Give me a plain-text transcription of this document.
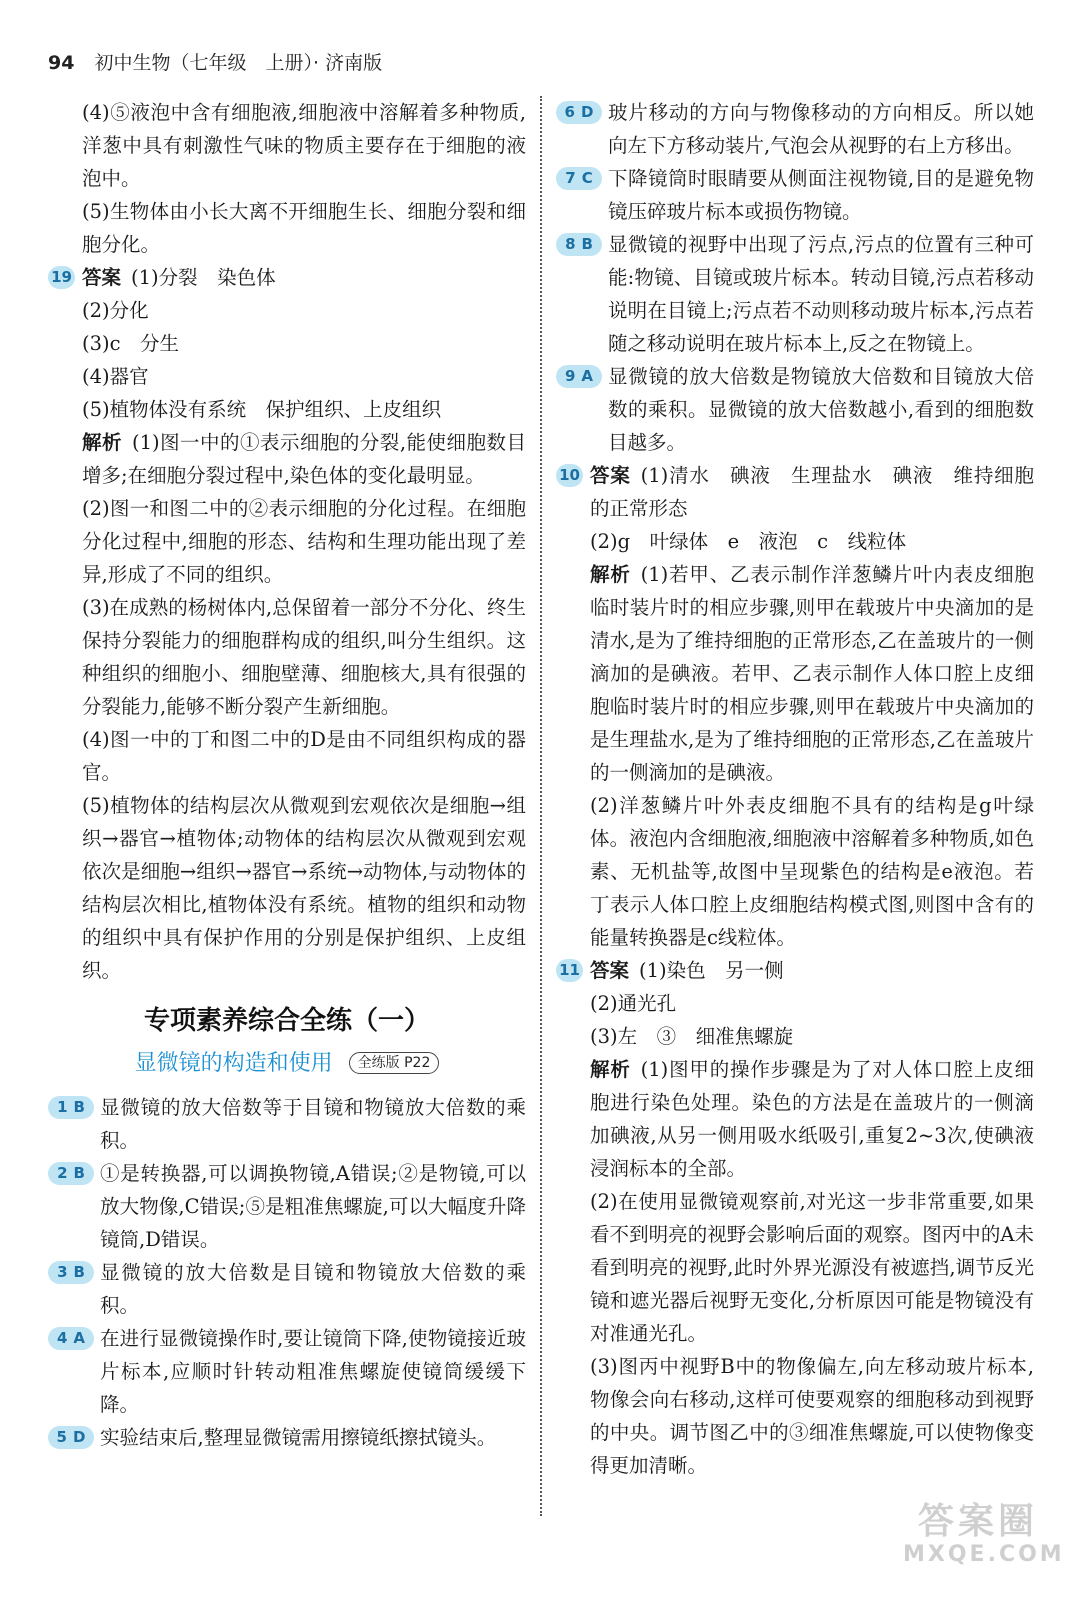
94 初中生物（七年级　上册）· 济南版

(4)⑤液泡中含有细胞液,细胞液中溶解着多种物质,洋葱中具有刺激性气味的物质主要存在于细胞的液泡中。

(5)生物体由小长大离不开细胞生长、细胞分裂和细胞分化。

19 答案 (1)分裂　染色体

(2)分化

(3)c　分生

(4)器官

(5)植物体没有系统　保护组织、上皮组织

解析 (1)图一中的①表示细胞的分裂,能使细胞数目增多;在细胞分裂过程中,染色体的变化最明显。

(2)图一和图二中的②表示细胞的分化过程。在细胞分化过程中,细胞的形态、结构和生理功能出现了差异,形成了不同的组织。

(3)在成熟的杨树体内,总保留着一部分不分化、终生保持分裂能力的细胞群构成的组织,叫分生组织。这种组织的细胞小、细胞壁薄、细胞核大,具有很强的分裂能力,能够不断分裂产生新细胞。

(4)图一中的丁和图二中的D是由不同组织构成的器官。

(5)植物体的结构层次从微观到宏观依次是细胞→组织→器官→植物体;动物体的结构层次从微观到宏观依次是细胞→组织→器官→系统→动物体,与动物体的结构层次相比,植物体没有系统。植物的组织和动物的组织中具有保护作用的分别是保护组织、上皮组织。

专项素养综合全练（一）
显微镜的构造和使用 全练版 P22
1 B 显微镜的放大倍数等于目镜和物镜放大倍数的乘积。
2 B ①是转换器,可以调换物镜,A错误;②是物镜,可以放大物像,C错误;⑤是粗准焦螺旋,可以大幅度升降镜筒,D错误。
3 B 显微镜的放大倍数是目镜和物镜放大倍数的乘积。
4 A 在进行显微镜操作时,要让镜筒下降,使物镜接近玻片标本,应顺时针转动粗准焦螺旋使镜筒缓缓下降。
5 D 实验结束后,整理显微镜需用擦镜纸擦拭镜头。
6 D 玻片移动的方向与物像移动的方向相反。所以她向左下方移动装片,气泡会从视野的右上方移出。
7 C 下降镜筒时眼睛要从侧面注视物镜,目的是避免物镜压碎玻片标本或损伤物镜。
8 B 显微镜的视野中出现了污点,污点的位置有三种可能:物镜、目镜或玻片标本。转动目镜,污点若移动说明在目镜上;污点若不动则移动玻片标本,污点若随之移动说明在玻片标本上,反之在物镜上。
9 A 显微镜的放大倍数是物镜放大倍数和目镜放大倍数的乘积。显微镜的放大倍数越小,看到的细胞数目越多。
10 答案 (1)清水　碘液　生理盐水　碘液　维持细胞的正常形态

(2)g　叶绿体　e　液泡　c　线粒体

解析 (1)若甲、乙表示制作洋葱鳞片叶内表皮细胞临时装片时的相应步骤,则甲在载玻片中央滴加的是清水,是为了维持细胞的正常形态,乙在盖玻片的一侧滴加的是碘液。若甲、乙表示制作人体口腔上皮细胞临时装片时的相应步骤,则甲在载玻片中央滴加的是生理盐水,是为了维持细胞的正常形态,乙在盖玻片的一侧滴加的是碘液。

(2)洋葱鳞片叶外表皮细胞不具有的结构是g叶绿体。液泡内含细胞液,细胞液中溶解着多种物质,如色素、无机盐等,故图中呈现紫色的结构是e液泡。若丁表示人体口腔上皮细胞结构模式图,则图中含有的能量转换器是c线粒体。

11 答案 (1)染色　另一侧

(2)通光孔

(3)左　③　细准焦螺旋

解析 (1)图甲的操作步骤是为了对人体口腔上皮细胞进行染色处理。染色的方法是在盖玻片的一侧滴加碘液,从另一侧用吸水纸吸引,重复2~3次,使碘液浸润标本的全部。

(2)在使用显微镜观察前,对光这一步非常重要,如果看不到明亮的视野会影响后面的观察。图丙中的A未看到明亮的视野,此时外界光源没有被遮挡,调节反光镜和遮光器后视野无变化,分析原因可能是物镜没有对准通光孔。

(3)图丙中视野B中的物像偏左,向左移动玻片标本,物像会向右移动,这样可使要观察的细胞移动到视野的中央。调节图乙中的③细准焦螺旋,可以使物像变得更加清晰。

答案圈
MXQE.COM
